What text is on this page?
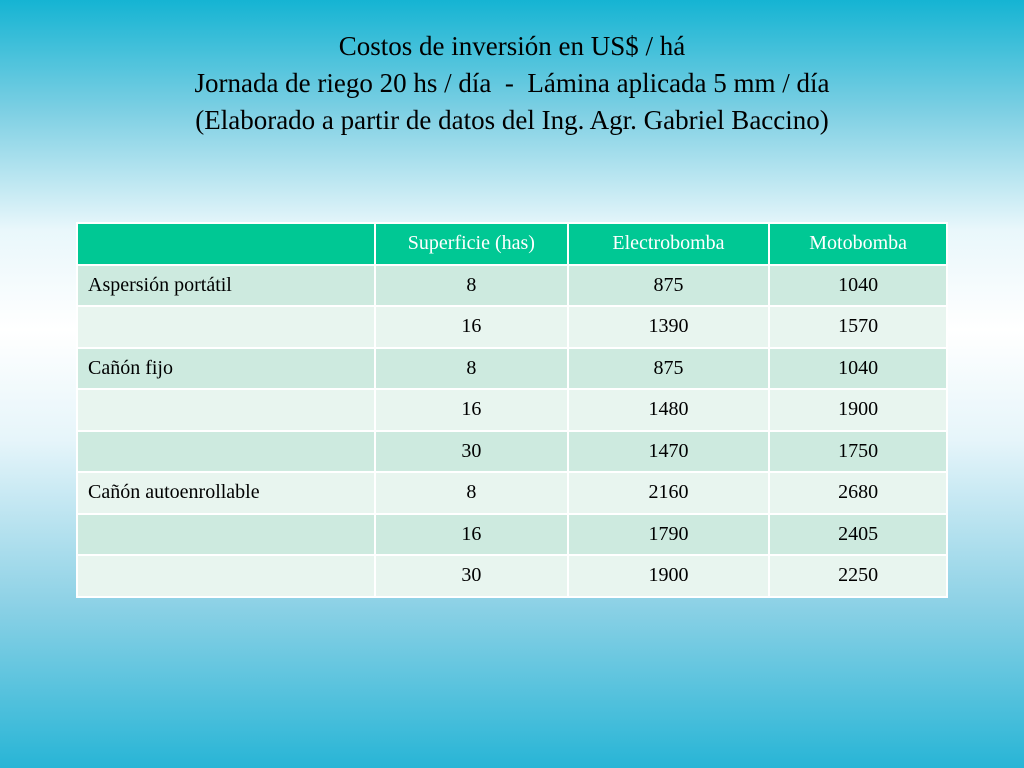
Costos de inversión en US$ / há
Jornada de riego 20 hs / día  -  Lámina aplicada 5 mm / día
(Elaborado a partir de datos del Ing. Agr. Gabriel Baccino)
	Superficie (has)	Electrobomba	Motobomba
Aspersión portátil	8	875	1040
	16	1390	1570
Cañón fijo	8	875	1040
	16	1480	1900
	30	1470	1750
Cañón autoenrollable	8	2160	2680
	16	1790	2405
	30	1900	2250
